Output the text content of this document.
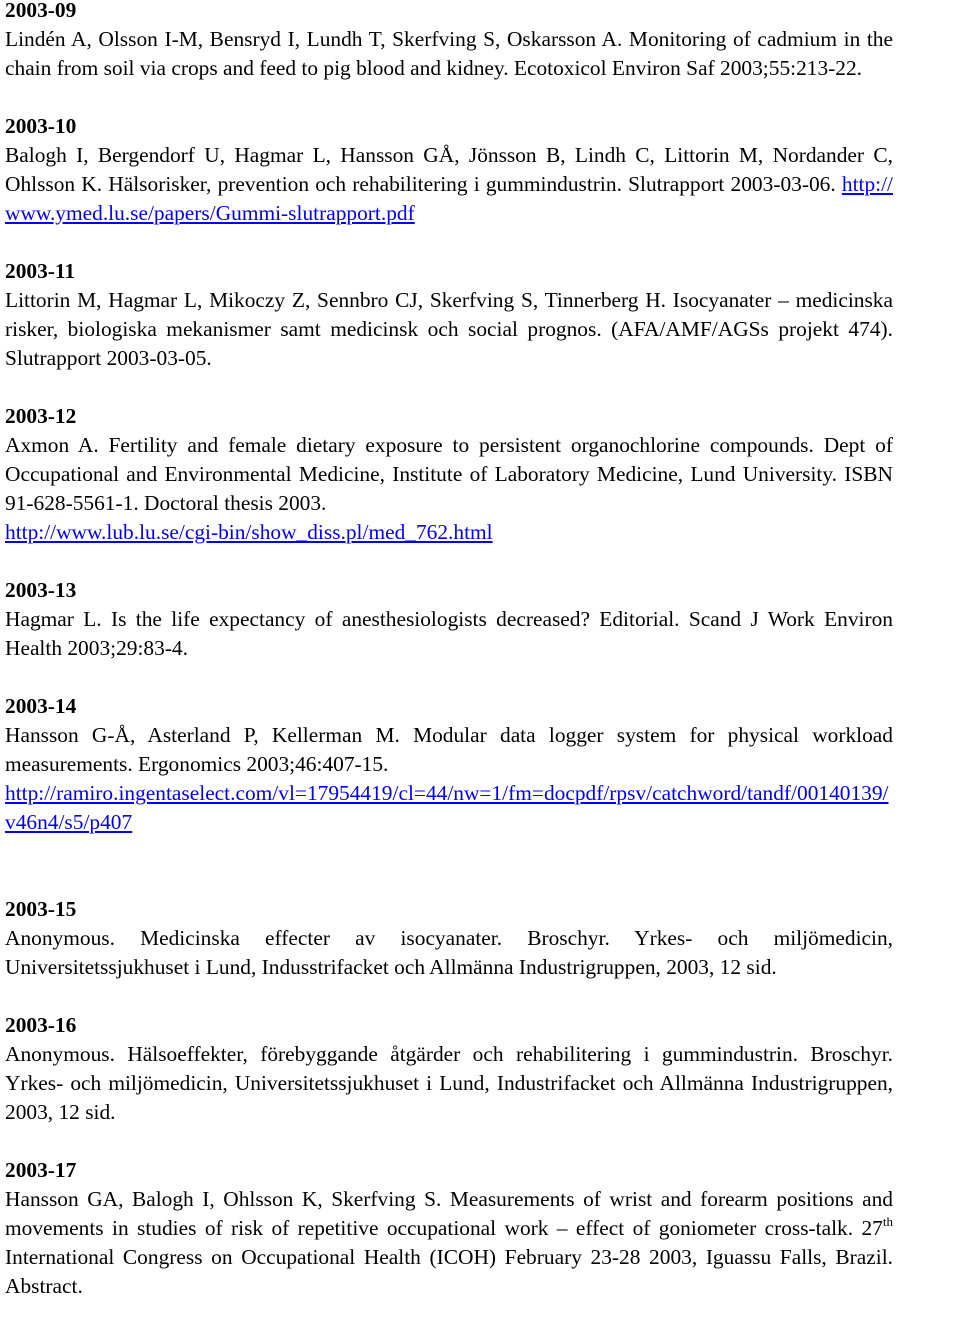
2003-09
Lindén A, Olsson I-M, Bensryd I, Lundh T, Skerfving S, Oskarsson A. Monitoring of cadmium in the chain from soil via crops and feed to pig blood and kidney. Ecotoxicol Environ Saf 2003;55:213-22.
2003-10
Balogh I, Bergendorf U, Hagmar L, Hansson GÅ, Jönsson B, Lindh C, Littorin M, Nordander C, Ohlsson K. Hälsorisker, prevention och rehabilitering i gummindustrin. Slutrapport 2003-03-06. http://www.ymed.lu.se/papers/Gummi-slutrapport.pdf
2003-11
Littorin M, Hagmar L, Mikoczy Z, Sennbro CJ, Skerfving S, Tinnerberg H. Isocyanater – medicinska risker, biologiska mekanismer samt medicinsk och social prognos. (AFA/AMF/AGSs projekt 474). Slutrapport 2003-03-05.
2003-12
Axmon A. Fertility and female dietary exposure to persistent organochlorine compounds. Dept of Occupational and Environmental Medicine, Institute of Laboratory Medicine, Lund University. ISBN 91-628-5561-1. Doctoral thesis 2003.
http://www.lub.lu.se/cgi-bin/show_diss.pl/med_762.html
2003-13
Hagmar L. Is the life expectancy of anesthesiologists decreased? Editorial. Scand J Work Environ Health 2003;29:83-4.
2003-14
Hansson G-Å, Asterland P, Kellerman M. Modular data logger system for physical workload measurements. Ergonomics 2003;46:407-15.
http://ramiro.ingentaselect.com/vl=17954419/cl=44/nw=1/fm=docpdf/rpsv/catchword/tandf/00140139/v46n4/s5/p407
2003-15
Anonymous. Medicinska effecter av isocyanater. Broschyr. Yrkes- och miljömedicin, Universitetssjukhuset i Lund, Indusstrifacket och Allmänna Industrigruppen, 2003, 12 sid.
2003-16
Anonymous. Hälsoeffekter, förebyggande åtgärder och rehabilitering i gummindustrin. Broschyr. Yrkes- och miljömedicin, Universitetssjukhuset i Lund, Industrifacket och Allmänna Industrigruppen, 2003, 12 sid.
2003-17
Hansson GA, Balogh I, Ohlsson K, Skerfving S. Measurements of wrist and forearm positions and movements in studies of risk of repetitive occupational work – effect of goniometer cross-talk. 27th International Congress on Occupational Health (ICOH) February 23-28 2003, Iguassu Falls, Brazil. Abstract.
